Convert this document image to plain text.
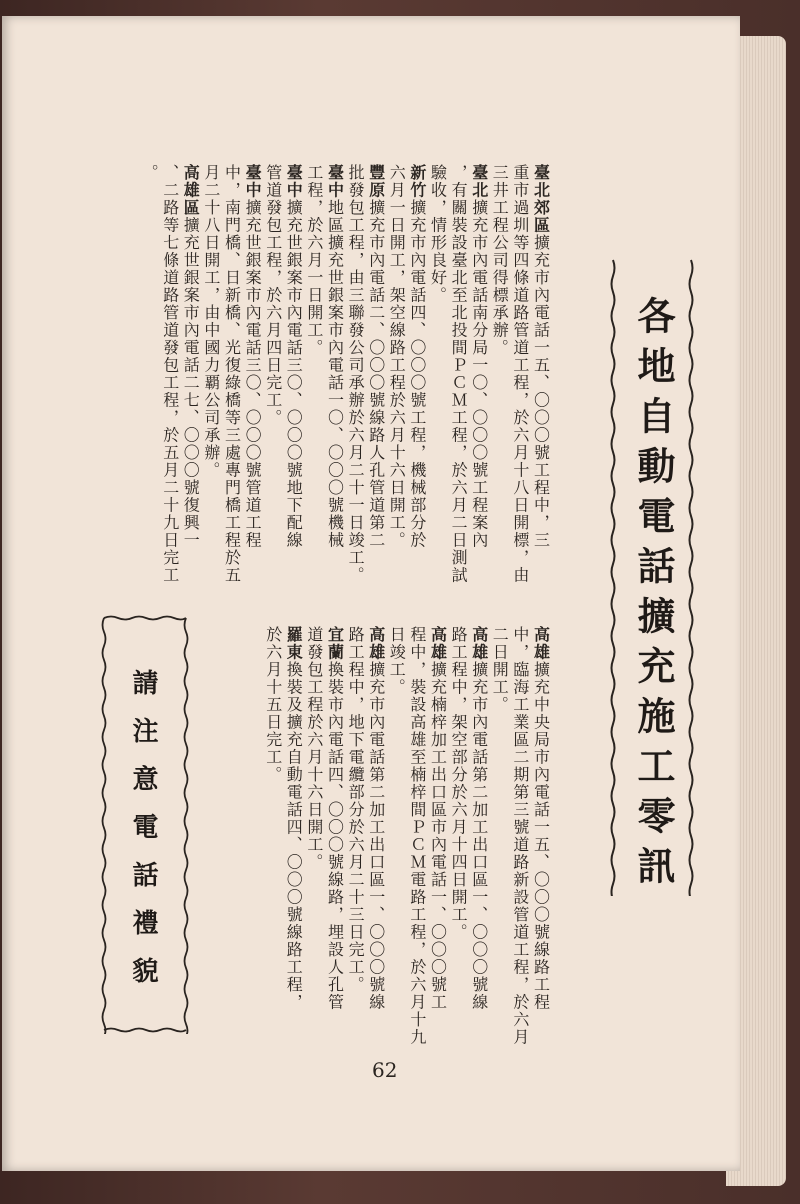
各地自動電話擴充施工零訊
臺北郊區擴充市內電話一五、〇〇〇號工程中，三
重市過圳等四條道路管道工程，於六月十八日開標，由
三井工程公司得標承辦。
臺北擴充市內電話南分局一〇、〇〇〇號工程案內
，有關裝設臺北至北投間ＰＣＭ工程，於六月二日測試
驗收，情形良好。
新竹擴充市內電話四、〇〇〇號工程，機械部分於
六月一日開工，架空線路工程於六月十六日開工。
豐原擴充市內電話二、〇〇〇號線路人孔管道第二
批發包工程，由三聯發公司承辦於六月二十一日竣工。
臺中地區擴充世銀案市內電話一〇、〇〇〇號機械
工程，於六月一日開工。
臺中擴充世銀案市內電話三〇、〇〇〇號地下配線
管道發包工程，於六月四日完工。
臺中擴充世銀案市內電話三〇、〇〇〇號管道工程
中，南門橋、日新橋、光復綠橋等三處專門橋工程於五
月二十八日開工，由中國力覇公司承辦。
高雄區擴充世銀案市內電話二七、〇〇〇號復興一
、二路等七條道路管道發包工程，於五月二十九日完工
。
高雄擴充中央局市內電話一五、〇〇〇號線路工程
中，臨海工業區二期第三號道路新設管道工程，於六月
二日開工。
高雄擴充市內電話第二加工出口區一、〇〇〇號線
路工程中，架空部分於六月十四日開工。
高雄擴充楠梓加工出口區市內電話一、〇〇〇號工
程中，裝設高雄至楠梓間ＰＣＭ電路工程，於六月十九
日竣工。
高雄擴充市內電話第二加工出口區一、〇〇〇號線
路工程中，地下電纜部分於六月二十三日完工。
宜蘭換裝市內電話四、〇〇〇號線路，埋設人孔管
道發包工程於六月十六日開工。
羅東換裝及擴充自動電話四、〇〇〇號線路工程，
於六月十五日完工。
請注意電話禮貌
62
